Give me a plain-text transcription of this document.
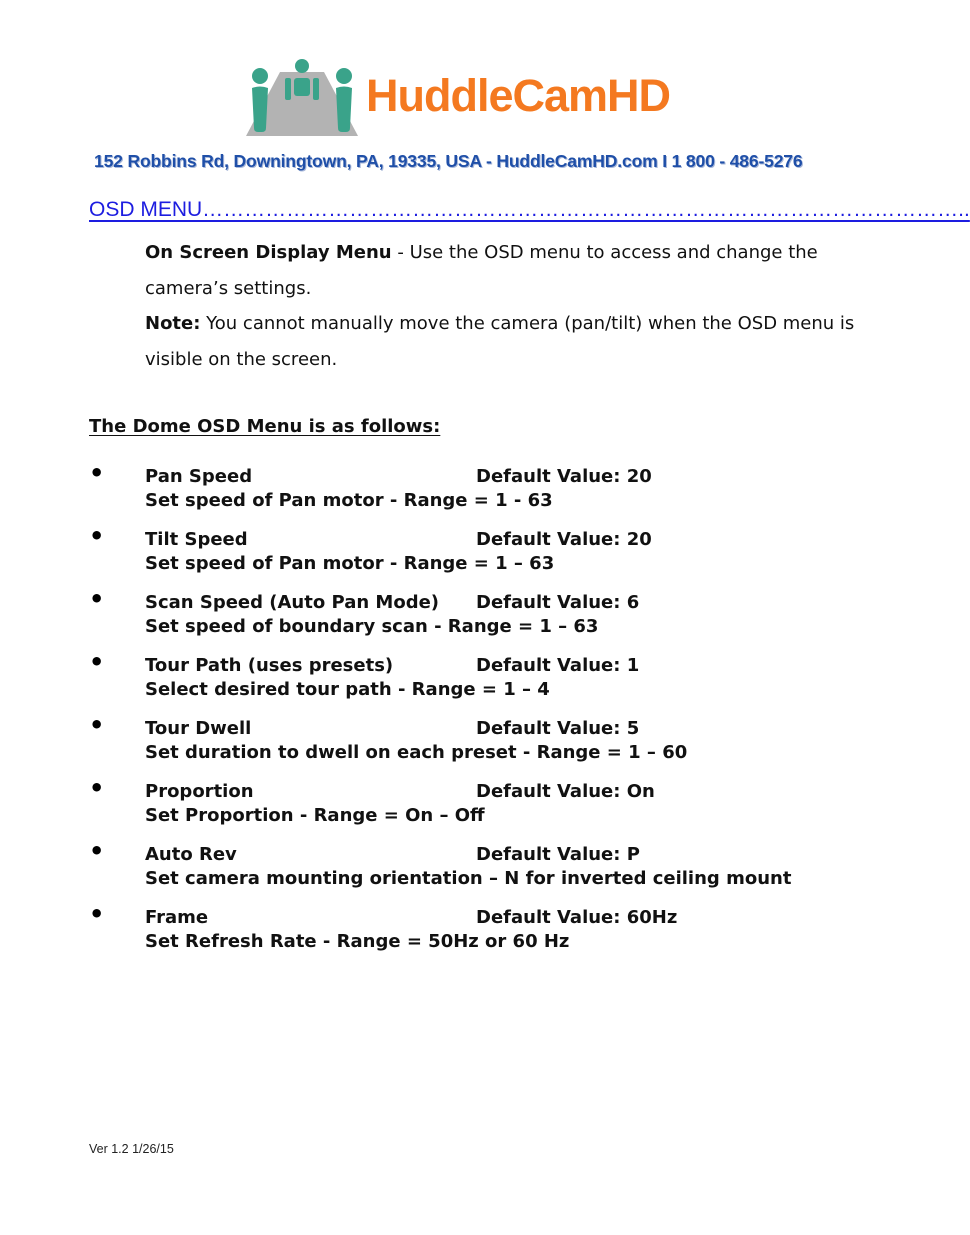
HuddleCamHD
152 Robbins Rd, Downingtown, PA, 19335, USA - HuddleCamHD.com I 1 800 - 486-5276
OSD MENU………………………………………………………………………………………………..
On Screen Display Menu - Use the OSD menu to access and change the camera’s settings.
Note: You cannot manually move the camera (pan/tilt) when the OSD menu is visible on the screen.
The Dome OSD Menu is as follows:
• Pan Speed	Default Value: 20
Set speed of Pan motor - Range = 1 - 63
• Tilt Speed	Default Value: 20
Set speed of Pan motor - Range = 1 – 63
• Scan Speed (Auto Pan Mode) Default Value: 6
Set speed of boundary scan - Range = 1 – 63
• Tour Path (uses presets)	Default Value: 1
Select desired tour path - Range = 1 – 4
• Tour Dwell	Default Value: 5
Set duration to dwell on each preset - Range = 1 – 60
• Proportion	Default Value: On
Set Proportion - Range = On – Off
• Auto Rev	Default Value: P
Set camera mounting orientation – N for inverted ceiling mount
• Frame	Default Value: 60Hz
Set Refresh Rate - Range = 50Hz or 60 Hz
Ver 1.2 1/26/15
